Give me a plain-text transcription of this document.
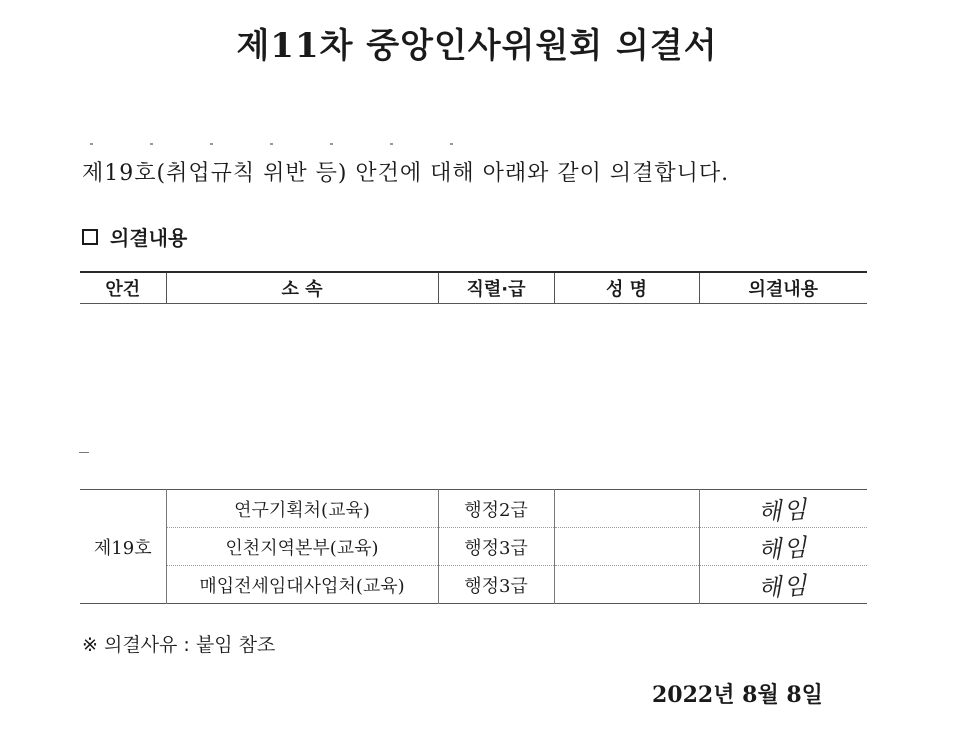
제11차 중앙인사위원회 의결서
제19호(취업규칙 위반 등) 안건에 대해 아래와 같이 의결합니다.
의결내용
안건	소 속	직렬·급	성 명	의결내용
제19호	연구기획처(교육)	행정2급		해임
	인천지역본부(교육)	행정3급		해임
	매입전세임대사업처(교육)	행정3급		해임
※ 의결사유 : 붙임 참조
2022년 8월 8일
